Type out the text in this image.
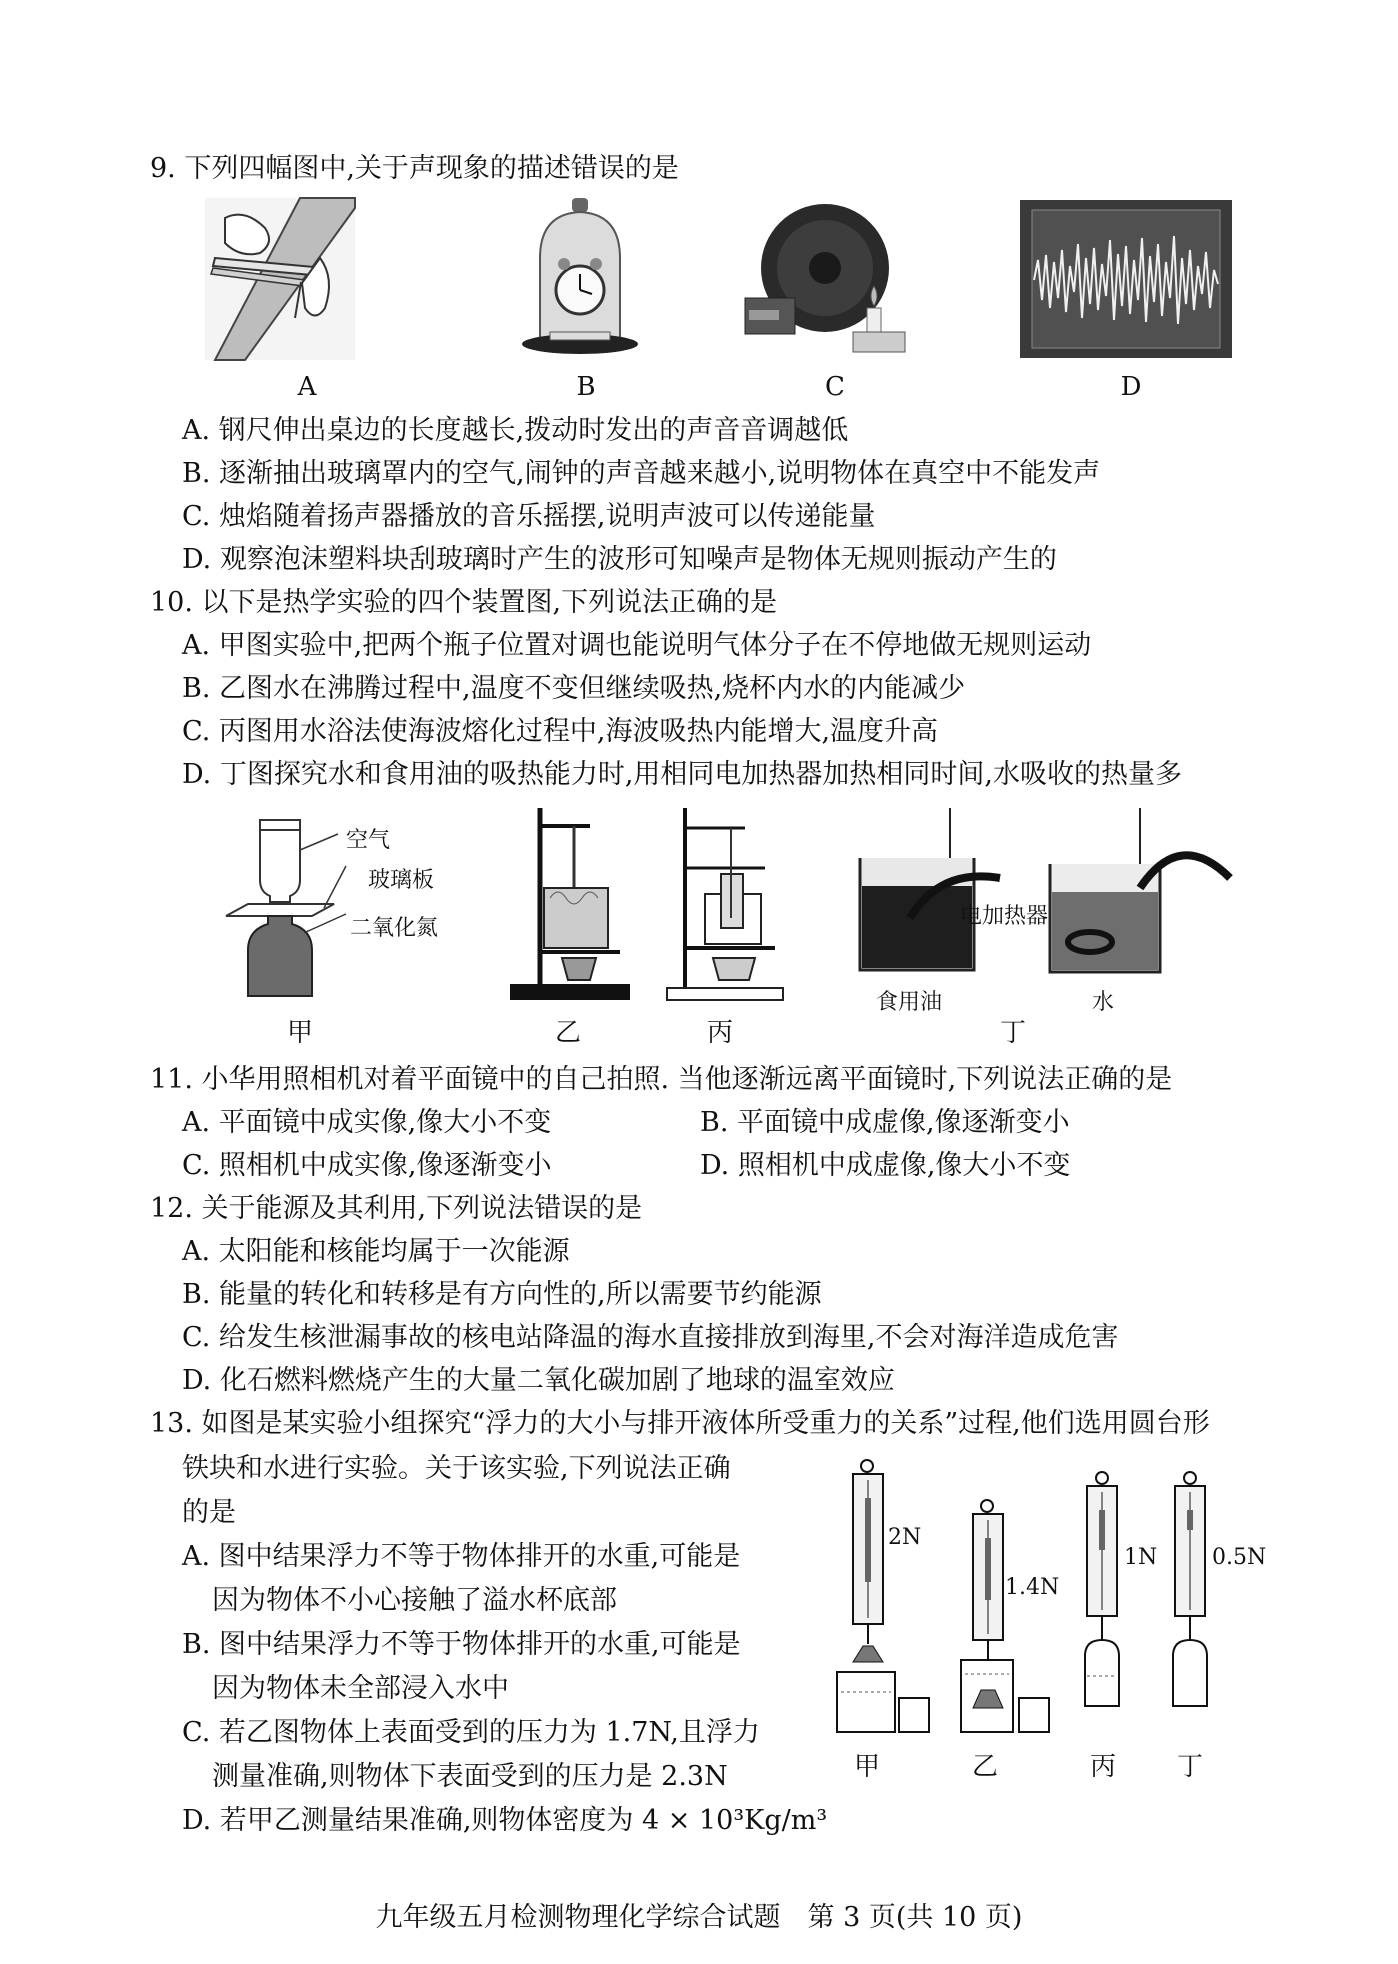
9. 下列四幅图中,关于声现象的描述错误的是
A	B	C	D
A. 钢尺伸出桌边的长度越长,拨动时发出的声音音调越低
B. 逐渐抽出玻璃罩内的空气,闹钟的声音越来越小,说明物体在真空中不能发声
C. 烛焰随着扬声器播放的音乐摇摆,说明声波可以传递能量
D. 观察泡沫塑料块刮玻璃时产生的波形可知噪声是物体无规则振动产生的
10. 以下是热学实验的四个装置图,下列说法正确的是
A. 甲图实验中,把两个瓶子位置对调也能说明气体分子在不停地做无规则运动
B. 乙图水在沸腾过程中,温度不变但继续吸热,烧杯内水的内能减少
C. 丙图用水浴法使海波熔化过程中,海波吸热内能增大,温度升高
D. 丁图探究水和食用油的吸热能力时,用相同电加热器加热相同时间,水吸收的热量多
空气
玻璃板
二氧化氮
甲	乙	丙
电加热器
食用油	水
丁
11. 小华用照相机对着平面镜中的自己拍照. 当他逐渐远离平面镜时,下列说法正确的是
A. 平面镜中成实像,像大小不变	B. 平面镜中成虚像,像逐渐变小
C. 照相机中成实像,像逐渐变小	D. 照相机中成虚像,像大小不变
12. 关于能源及其利用,下列说法错误的是
A. 太阳能和核能均属于一次能源
B. 能量的转化和转移是有方向性的,所以需要节约能源
C. 给发生核泄漏事故的核电站降温的海水直接排放到海里,不会对海洋造成危害
D. 化石燃料燃烧产生的大量二氧化碳加剧了地球的温室效应
13. 如图是某实验小组探究“浮力的大小与排开液体所受重力的关系”过程,他们选用圆台形
铁块和水进行实验。关于该实验,下列说法正确
的是
A. 图中结果浮力不等于物体排开的水重,可能是
因为物体不小心接触了溢水杯底部
B. 图中结果浮力不等于物体排开的水重,可能是
因为物体未全部浸入水中
C. 若乙图物体上表面受到的压力为 1.7N,且浮力
测量准确,则物体下表面受到的压力是 2.3N
D. 若甲乙测量结果准确,则物体密度为 4 × 10³Kg/m³
2N
甲
1.4N
乙
1N
丙
0.5N
丁
九年级五月检测物理化学综合试题　第 3 页(共 10 页)
